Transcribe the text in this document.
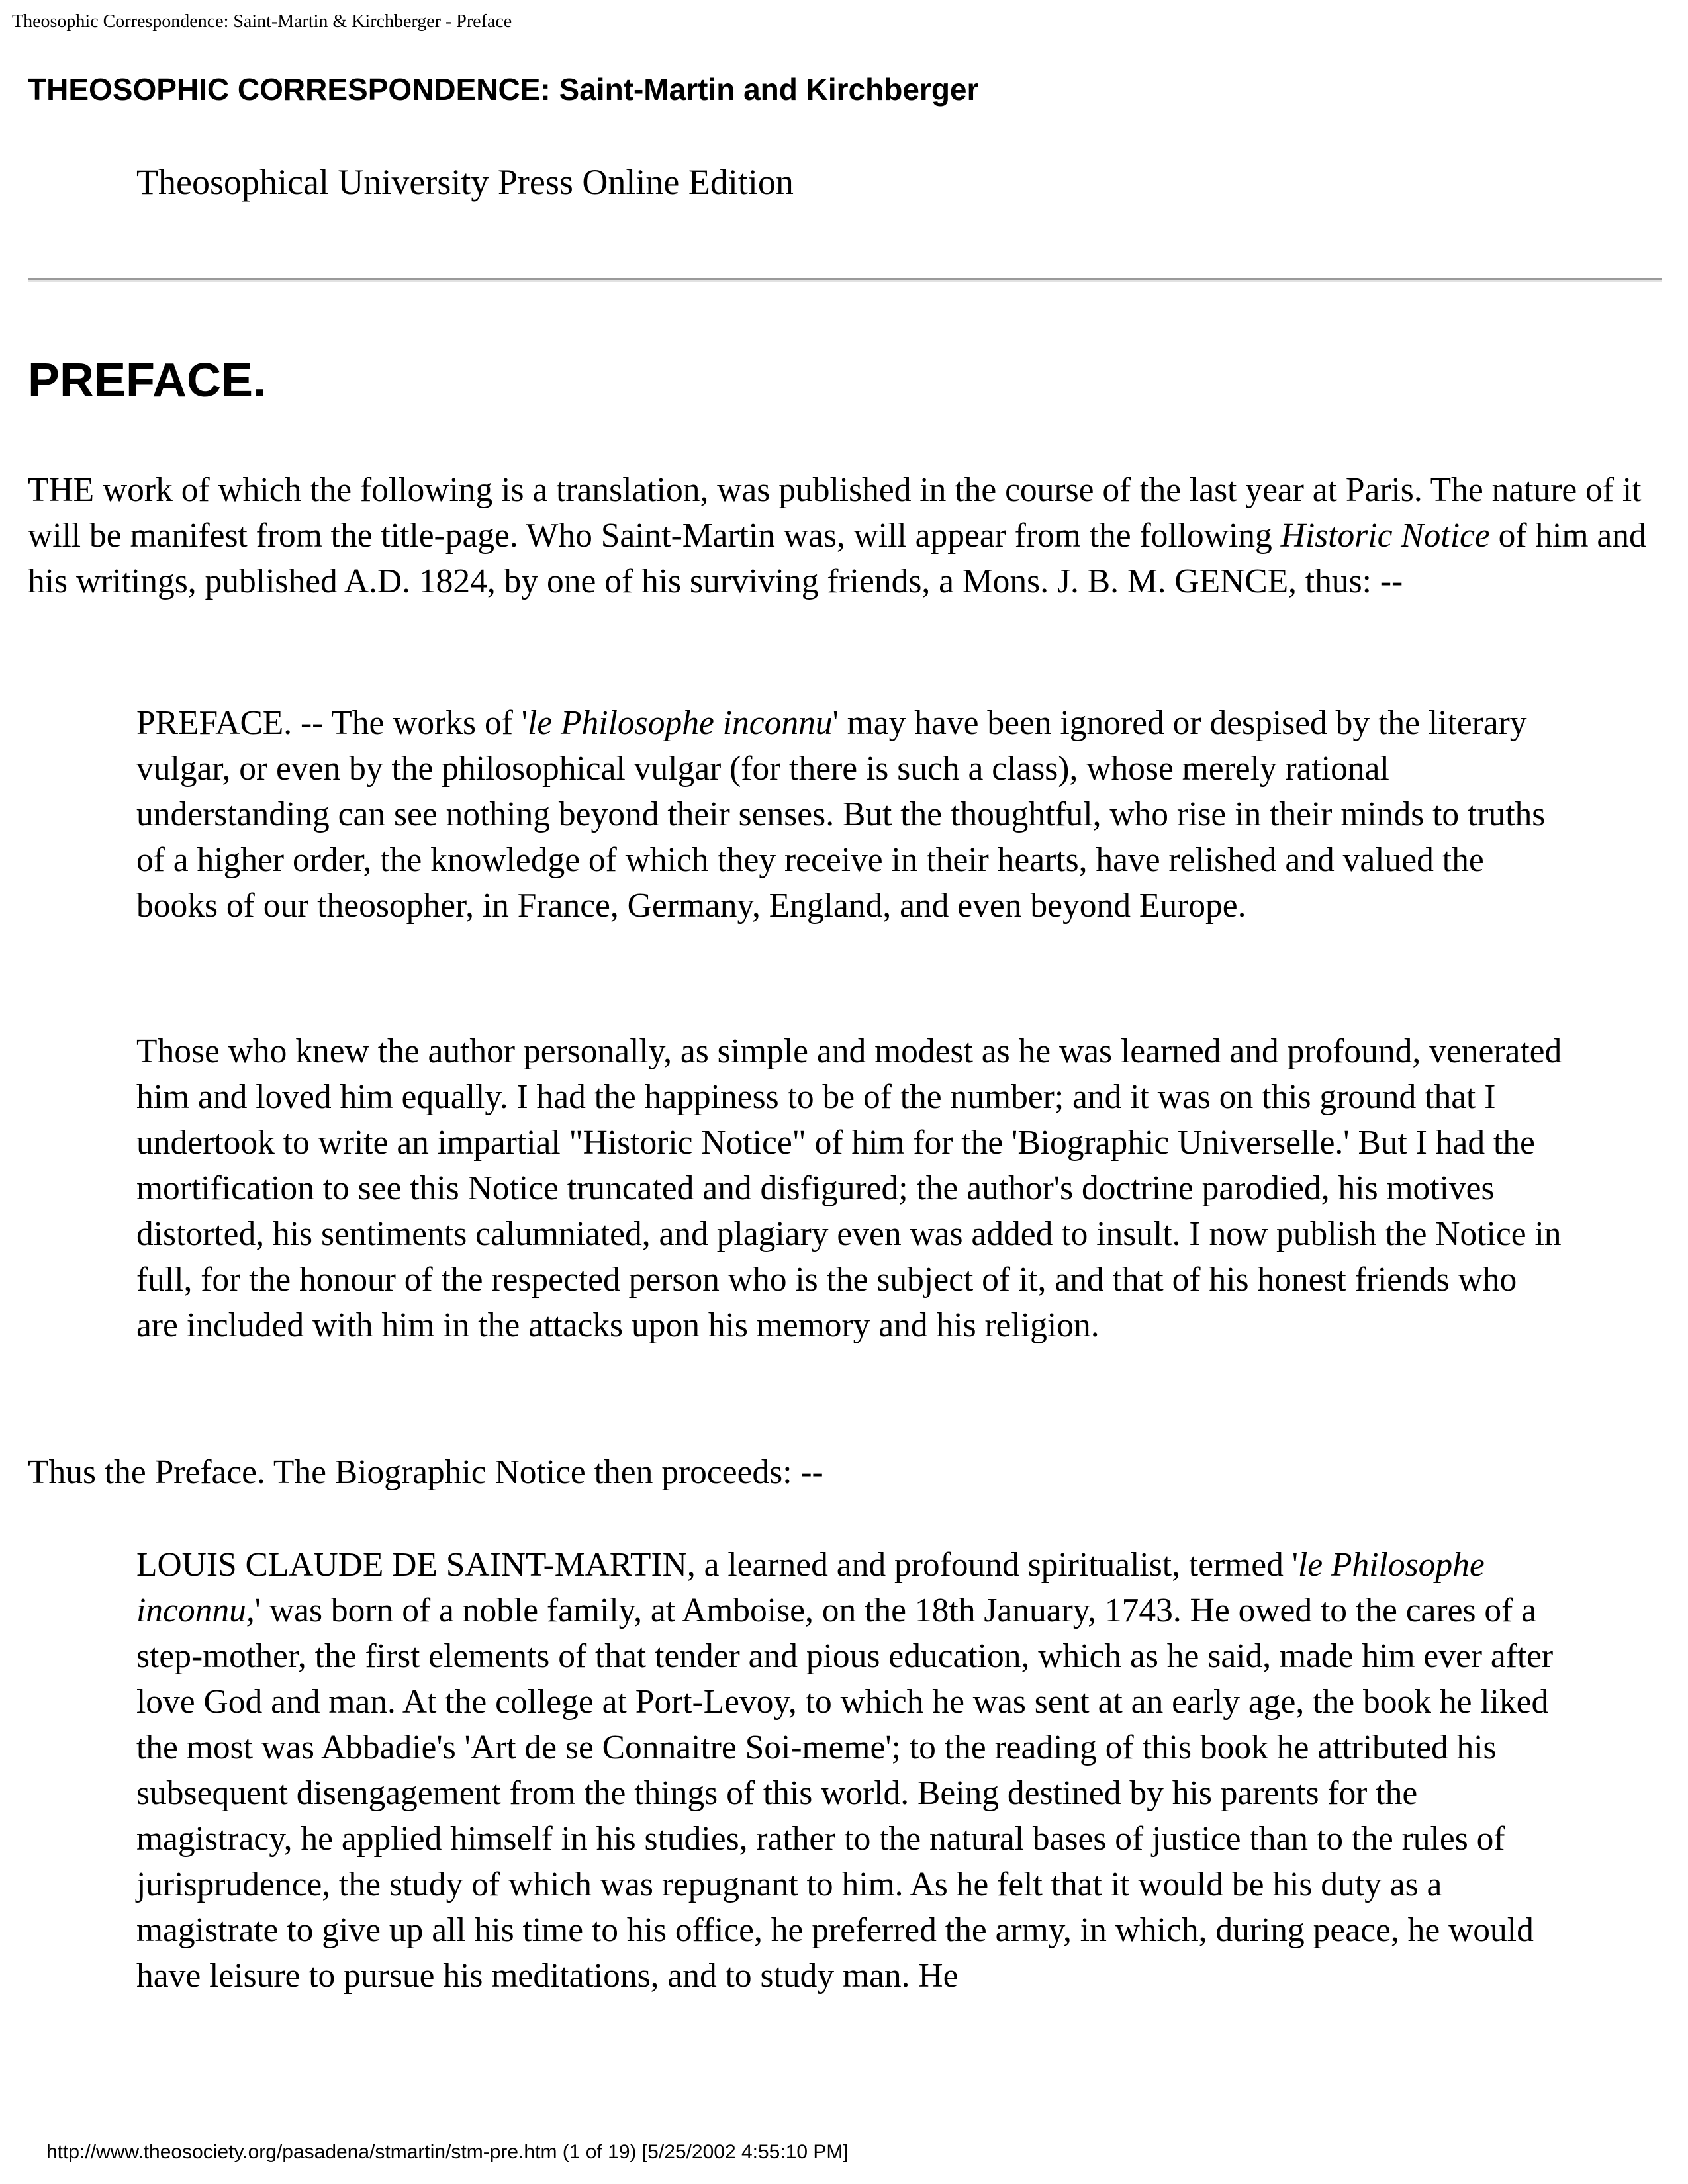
Theosophic Correspondence: Saint-Martin & Kirchberger - Preface
THEOSOPHIC CORRESPONDENCE: Saint-Martin and Kirchberger
Theosophical University Press Online Edition
PREFACE.

THE work of which the following is a translation, was published in the course of the last year at Paris. The nature of it will be manifest from the title-page. Who Saint-Martin was, will appear from the following Historic Notice of him and his writings, published A.D. 1824, by one of his surviving friends, a Mons. J. B. M. GENCE, thus: --

PREFACE. -- The works of 'le Philosophe inconnu' may have been ignored or despised by the literary vulgar, or even by the philosophical vulgar (for there is such a class), whose merely rational understanding can see nothing beyond their senses. But the thoughtful, who rise in their minds to truths of a higher order, the knowledge of which they receive in their hearts, have relished and valued the books of our theosopher, in France, Germany, England, and even beyond Europe.

Those who knew the author personally, as simple and modest as he was learned and profound, venerated him and loved him equally. I had the happiness to be of the number; and it was on this ground that I undertook to write an impartial "Historic Notice" of him for the 'Biographic Universelle.' But I had the mortification to see this Notice truncated and disfigured; the author's doctrine parodied, his motives distorted, his sentiments calumniated, and plagiary even was added to insult. I now publish the Notice in full, for the honour of the respected person who is the subject of it, and that of his honest friends who are included with him in the attacks upon his memory and his religion.

Thus the Preface. The Biographic Notice then proceeds: --

LOUIS CLAUDE DE SAINT-MARTIN, a learned and profound spiritualist, termed 'le Philosophe inconnu,' was born of a noble family, at Amboise, on the 18th January, 1743. He owed to the cares of a step-mother, the first elements of that tender and pious education, which as he said, made him ever after love God and man. At the college at Port-Levoy, to which he was sent at an early age, the book he liked the most was Abbadie's 'Art de se Connaitre Soi-meme'; to the reading of this book he attributed his subsequent disengagement from the things of this world. Being destined by his parents for the magistracy, he applied himself in his studies, rather to the natural bases of justice than to the rules of jurisprudence, the study of which was repugnant to him. As he felt that it would be his duty as a magistrate to give up all his time to his office, he preferred the army, in which, during peace, he would have leisure to pursue his meditations, and to study man. He

http://www.theosociety.org/pasadena/stmartin/stm-pre.htm (1 of 19) [5/25/2002 4:55:10 PM]
